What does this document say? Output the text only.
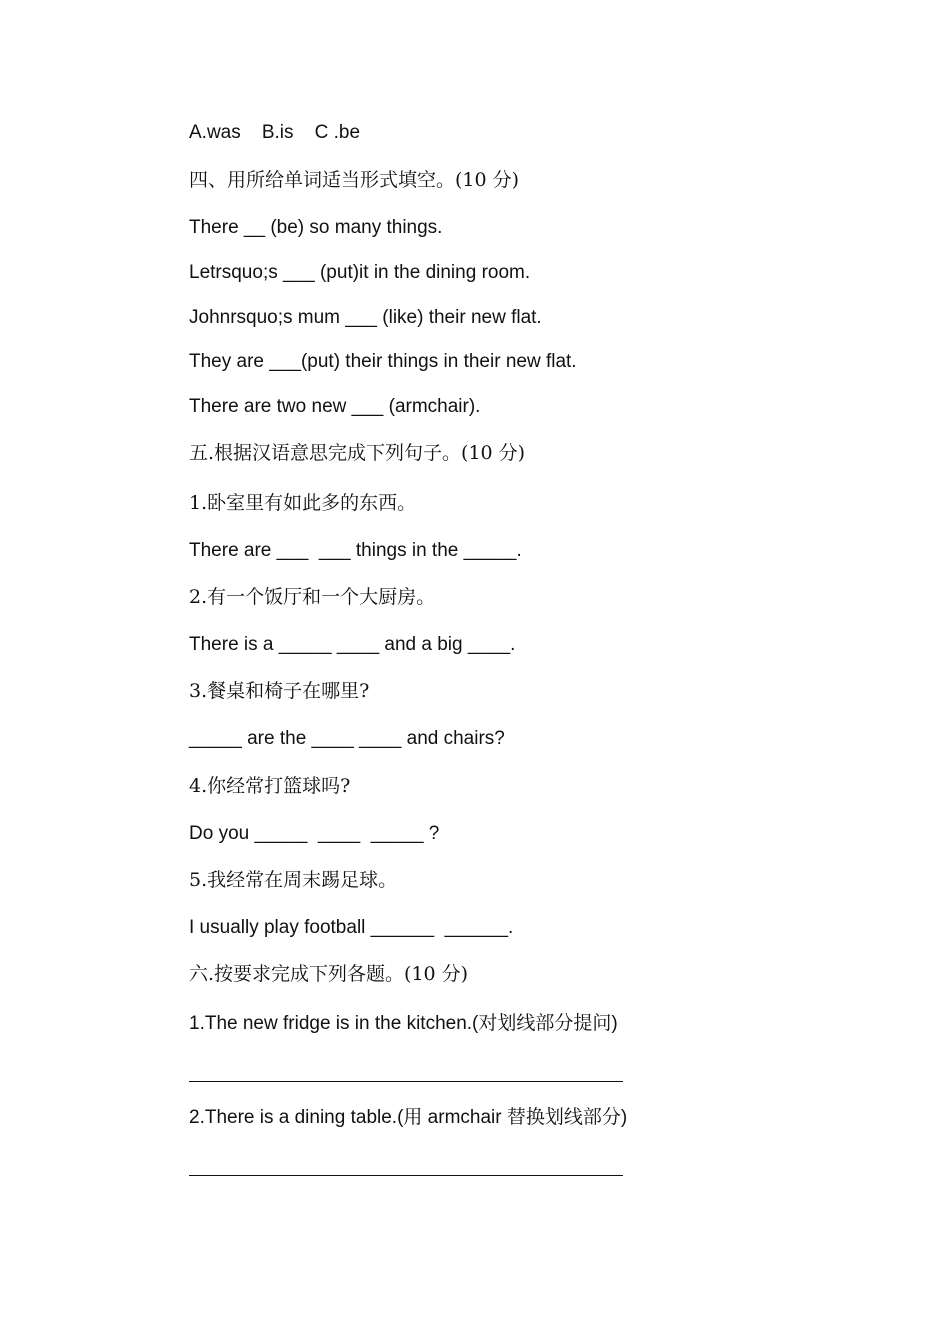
A.was    B.is    C .be
四、用所给单词适当形式填空。(10 分)
There __ (be) so many things.
Letrsquo;s ___ (put)it in the dining room.
Johnrsquo;s mum ___ (like) their new flat.
They are ___(put) their things in their new flat.
There are two new ___ (armchair).
五.根据汉语意思完成下列句子。(10 分)
1.卧室里有如此多的东西。
There are ___  ___ things in the _____.
2.有一个饭厅和一个大厨房。
There is a _____ ____ and a big ____.
3.餐桌和椅子在哪里?
_____ are the ____ ____ and chairs?
4.你经常打篮球吗?
Do you _____  ____  _____ ?
5.我经常在周末踢足球。
I usually play football ______  ______.
六.按要求完成下列各题。(10 分)
1.The new fridge is in the kitchen.(对划线部分提问)
2.There is a dining table.(用 armchair 替换划线部分)
